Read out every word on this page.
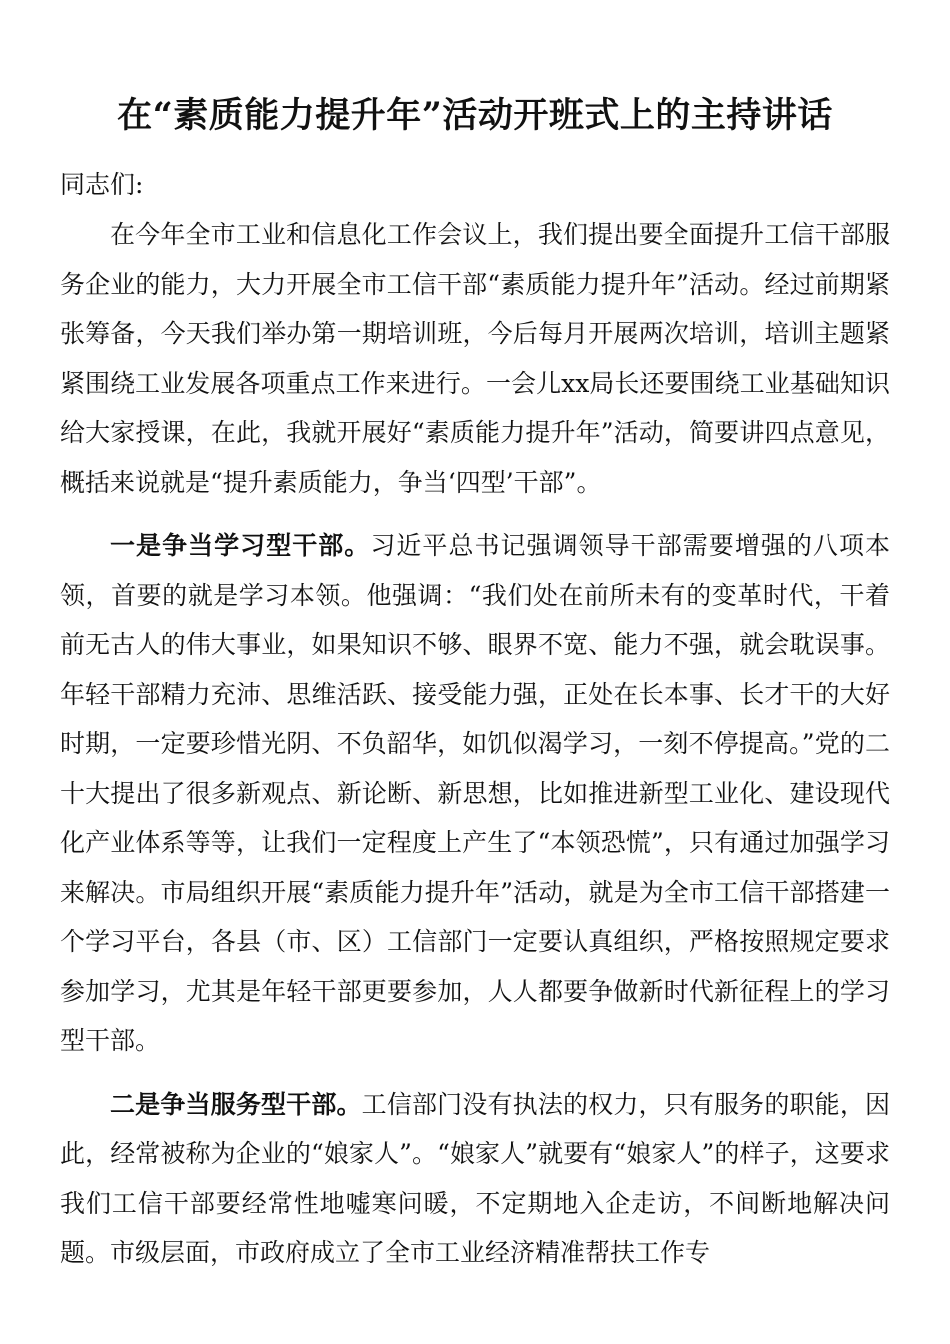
在“素质能力提升年”活动开班式上的主持讲话
同志们:

在今年全市工业和信息化工作会议上，我们提出要全面提升工信干部服务企业的能力，大力开展全市工信干部“素质能力提升年”活动。经过前期紧张筹备，今天我们举办第一期培训班，今后每月开展两次培训，培训主题紧紧围绕工业发展各项重点工作来进行。一会儿xx局长还要围绕工业基础知识给大家授课，在此，我就开展好“素质能力提升年”活动，简要讲四点意见，概括来说就是“提升素质能力，争当‘四型’干部”。

一是争当学习型干部。习近平总书记强调领导干部需要增强的八项本领，首要的就是学习本领。他强调：“我们处在前所未有的变革时代，干着前无古人的伟大事业，如果知识不够、眼界不宽、能力不强，就会耽误事。年轻干部精力充沛、思维活跃、接受能力强，正处在长本事、长才干的大好时期，一定要珍惜光阴、不负韶华，如饥似渴学习，一刻不停提高。”党的二十大提出了很多新观点、新论断、新思想，比如推进新型工业化、建设现代化产业体系等等，让我们一定程度上产生了“本领恐慌”，只有通过加强学习来解决。市局组织开展“素质能力提升年”活动，就是为全市工信干部搭建一个学习平台，各县（市、区）工信部门一定要认真组织，严格按照规定要求参加学习，尤其是年轻干部更要参加，人人都要争做新时代新征程上的学习型干部。

二是争当服务型干部。工信部门没有执法的权力，只有服务的职能，因此，经常被称为企业的“娘家人”。“娘家人”就要有“娘家人”的样子，这要求我们工信干部要经常性地嘘寒问暖，不定期地入企走访，不间断地解决问题。市级层面，市政府成立了全市工业经济精准帮扶工作专
